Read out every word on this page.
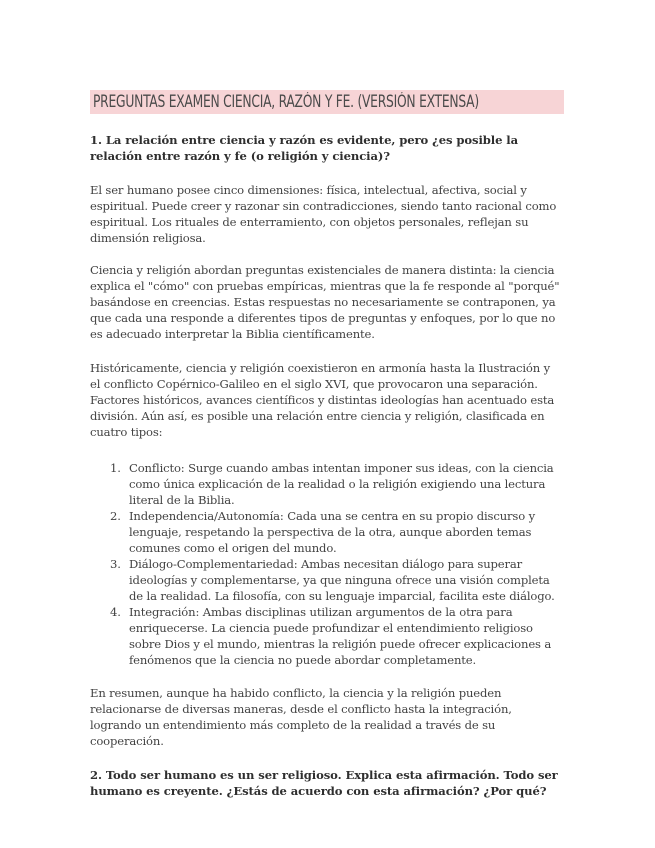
PREGUNTAS EXAMEN CIENCIA, RAZÓN Y FE. (VERSIÓN EXTENSA)

1. La relación entre ciencia y razón es evidente, pero ¿es posible la relación entre razón y fe (o religión y ciencia)?

El ser humano posee cinco dimensiones: física, intelectual, afectiva, social y espiritual. Puede creer y razonar sin contradicciones, siendo tanto racional como espiritual. Los rituales de enterramiento, con objetos personales, reflejan su dimensión religiosa.

Ciencia y religión abordan preguntas existenciales de manera distinta: la ciencia explica el "cómo" con pruebas empíricas, mientras que la fe responde al "porqué" basándose en creencias. Estas respuestas no necesariamente se contraponen, ya que cada una responde a diferentes tipos de preguntas y enfoques, por lo que no es adecuado interpretar la Biblia científicamente.

Históricamente, ciencia y religión coexistieron en armonía hasta la Ilustración y el conflicto Copérnico-Galileo en el siglo XVI, que provocaron una separación. Factores históricos, avances científicos y distintas ideologías han acentuado esta división. Aún así, es posible una relación entre ciencia y religión, clasificada en cuatro tipos:

1. Conflicto: Surge cuando ambas intentan imponer sus ideas, con la ciencia como única explicación de la realidad o la religión exigiendo una lectura literal de la Biblia.
2. Independencia/Autonomía: Cada una se centra en su propio discurso y lenguaje, respetando la perspectiva de la otra, aunque aborden temas comunes como el origen del mundo.
3. Diálogo-Complementariedad: Ambas necesitan diálogo para superar ideologías y complementarse, ya que ninguna ofrece una visión completa de la realidad. La filosofía, con su lenguaje imparcial, facilita este diálogo.
4. Integración: Ambas disciplinas utilizan argumentos de la otra para enriquecerse. La ciencia puede profundizar el entendimiento religioso sobre Dios y el mundo, mientras la religión puede ofrecer explicaciones a fenómenos que la ciencia no puede abordar completamente.

En resumen, aunque ha habido conflicto, la ciencia y la religión pueden relacionarse de diversas maneras, desde el conflicto hasta la integración, logrando un entendimiento más completo de la realidad a través de su cooperación.

2. Todo ser humano es un ser religioso. Explica esta afirmación. Todo ser humano es creyente. ¿Estás de acuerdo con esta afirmación? ¿Por qué?
